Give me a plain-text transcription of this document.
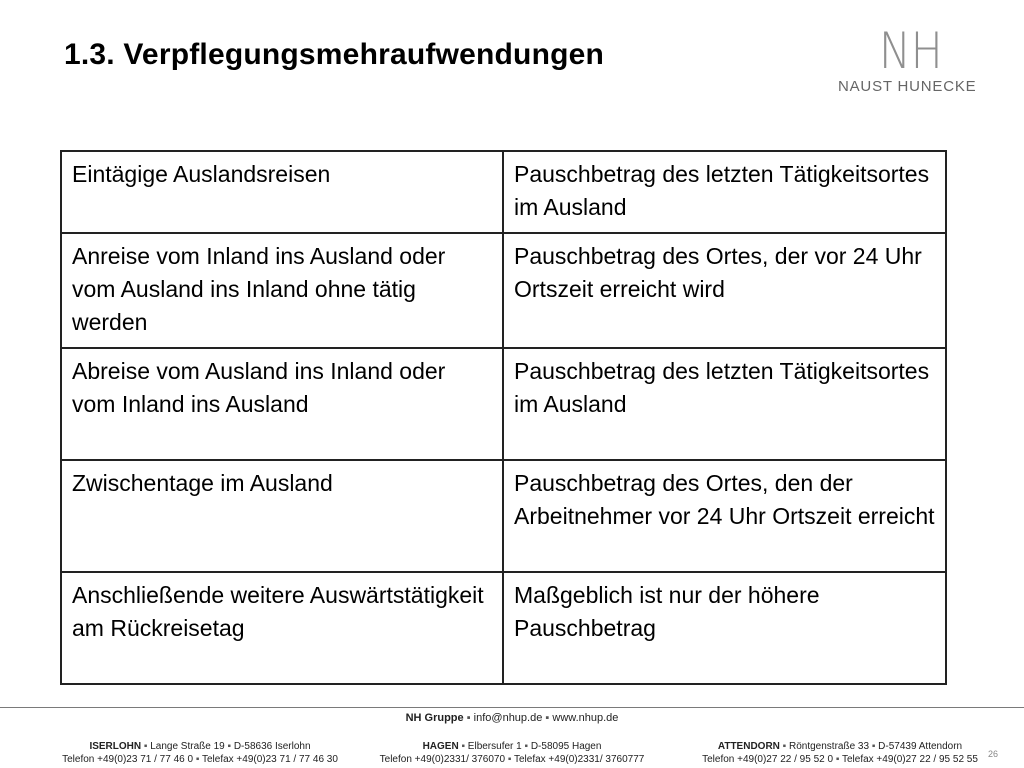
1.3. Verpflegungsmehraufwendungen	NH
NAUST HUNECKE
Eintägige Auslandsreisen	Pauschbetrag des letzten Tätigkeitsortes im Ausland
Anreise vom Inland ins Ausland oder vom Ausland ins Inland ohne tätig werden	Pauschbetrag des Ortes, der vor 24 Uhr Ortszeit erreicht wird
Abreise vom Ausland ins Inland oder vom Inland ins Ausland	Pauschbetrag des letzten Tätigkeitsortes im Ausland
Zwischentage im Ausland	Pauschbetrag des Ortes, den der Arbeitnehmer vor 24 Uhr Ortszeit erreicht
Anschließende weitere Auswärtstätigkeit am Rückreisetag	Maßgeblich ist nur der höhere Pauschbetrag
NH Gruppe ▪ info@nhup.de ▪ www.nhup.de
ISERLOHN ▪ Lange Straße 19 ▪ D-58636 Iserlohn
Telefon +49(0)23 71 / 77 46 0 ▪ Telefax +49(0)23 71 / 77 46 30
HAGEN ▪ Elbersufer 1 ▪ D-58095 Hagen
Telefon +49(0)2331/ 376070 ▪ Telefax +49(0)2331/ 3760777
ATTENDORN ▪ Röntgenstraße 33 ▪ D-57439 Attendorn
Telefon +49(0)27 22 / 95 52 0 ▪ Telefax +49(0)27 22 / 95 52 55	26
